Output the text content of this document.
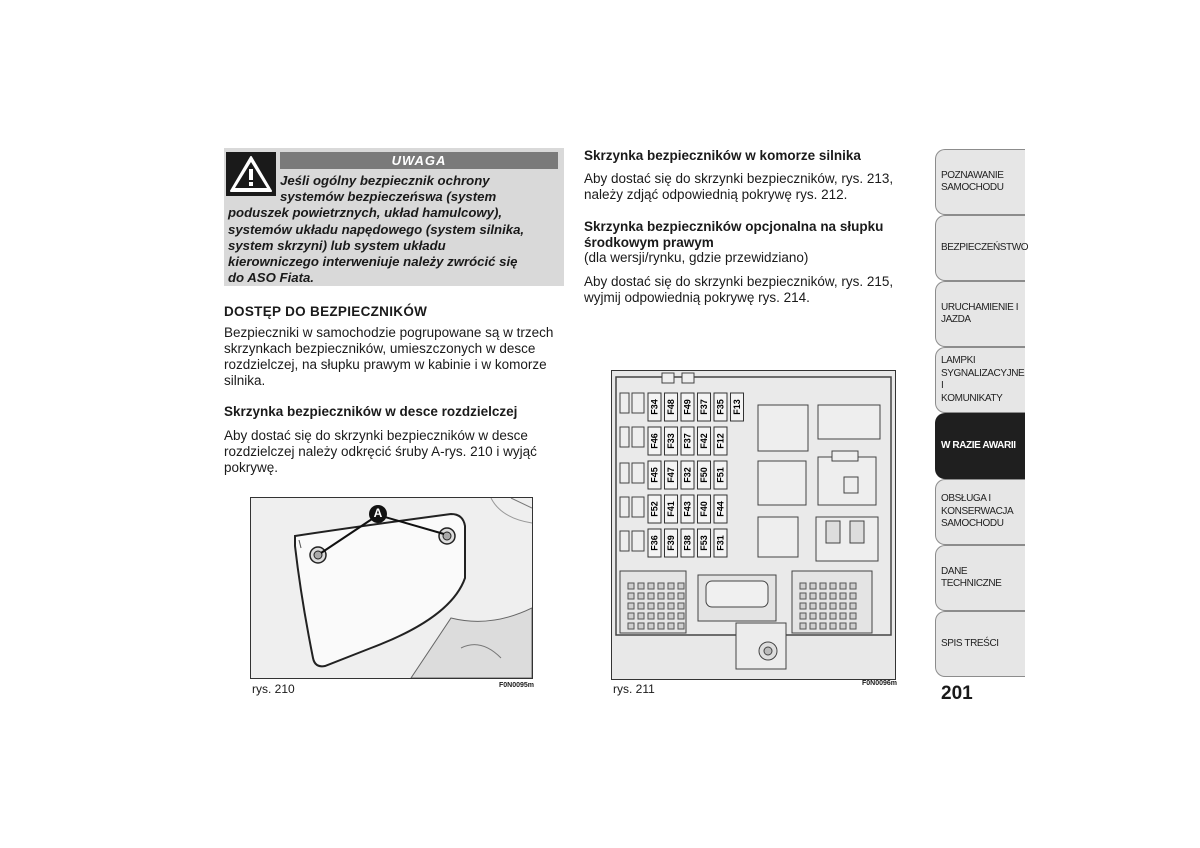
UWAGA
Jeśli ogólny bezpiecznik ochrony
systemów bezpieczeńswa (system
poduszek powietrznych, układ hamulcowy),
systemów układu napędowego (system silnika,
system skrzyni) lub system układu
kierowniczego interweniuje należy zwrócić się
do ASO Fiata.
DOSTĘP DO BEZPIECZNIKÓW
Bezpieczniki w samochodzie pogrupowane są w trzech
skrzynkach bezpieczników, umieszczonych w desce
rozdzielczej, na słupku prawym w kabinie i w komorze
silnika.
Skrzynka bezpieczników w desce rozdzielczej
Aby dostać się do skrzynki bezpieczników w desce
rozdzielczej należy odkręcić śruby A-rys. 210 i wyjąć
pokrywę.
A
rys. 210	F0N0095m
Skrzynka bezpieczników w komorze silnika
Aby dostać się do skrzynki bezpieczników, rys. 213,
należy zdjąć odpowiednią pokrywę rys. 212.
Skrzynka bezpieczników opcjonalna na słupku
środkowym prawym
(dla wersji/rynku, gdzie przewidziano)
Aby dostać się do skrzynki bezpieczników, rys. 215,
wyjmij odpowiednią pokrywę rys. 214.
F34 F48 F49 F37 F35 F13
F46 F33 F37 F42 F12
F45 F47 F32 F50 F51
F52 F41 F43 F40 F44
F36 F39 F38 F53 F31
rys. 211	F0N0096m
POZNAWANIE
SAMOCHODU
BEZPIECZEŃSTWO
URUCHAMIENIE I
JAZDA
LAMPKI
SYGNALIZACYJNE I
KOMUNIKATY
W RAZIE AWARII
OBSŁUGA I
KONSERWACJA
SAMOCHODU
DANE TECHNICZNE
SPIS TREŚCI
201
